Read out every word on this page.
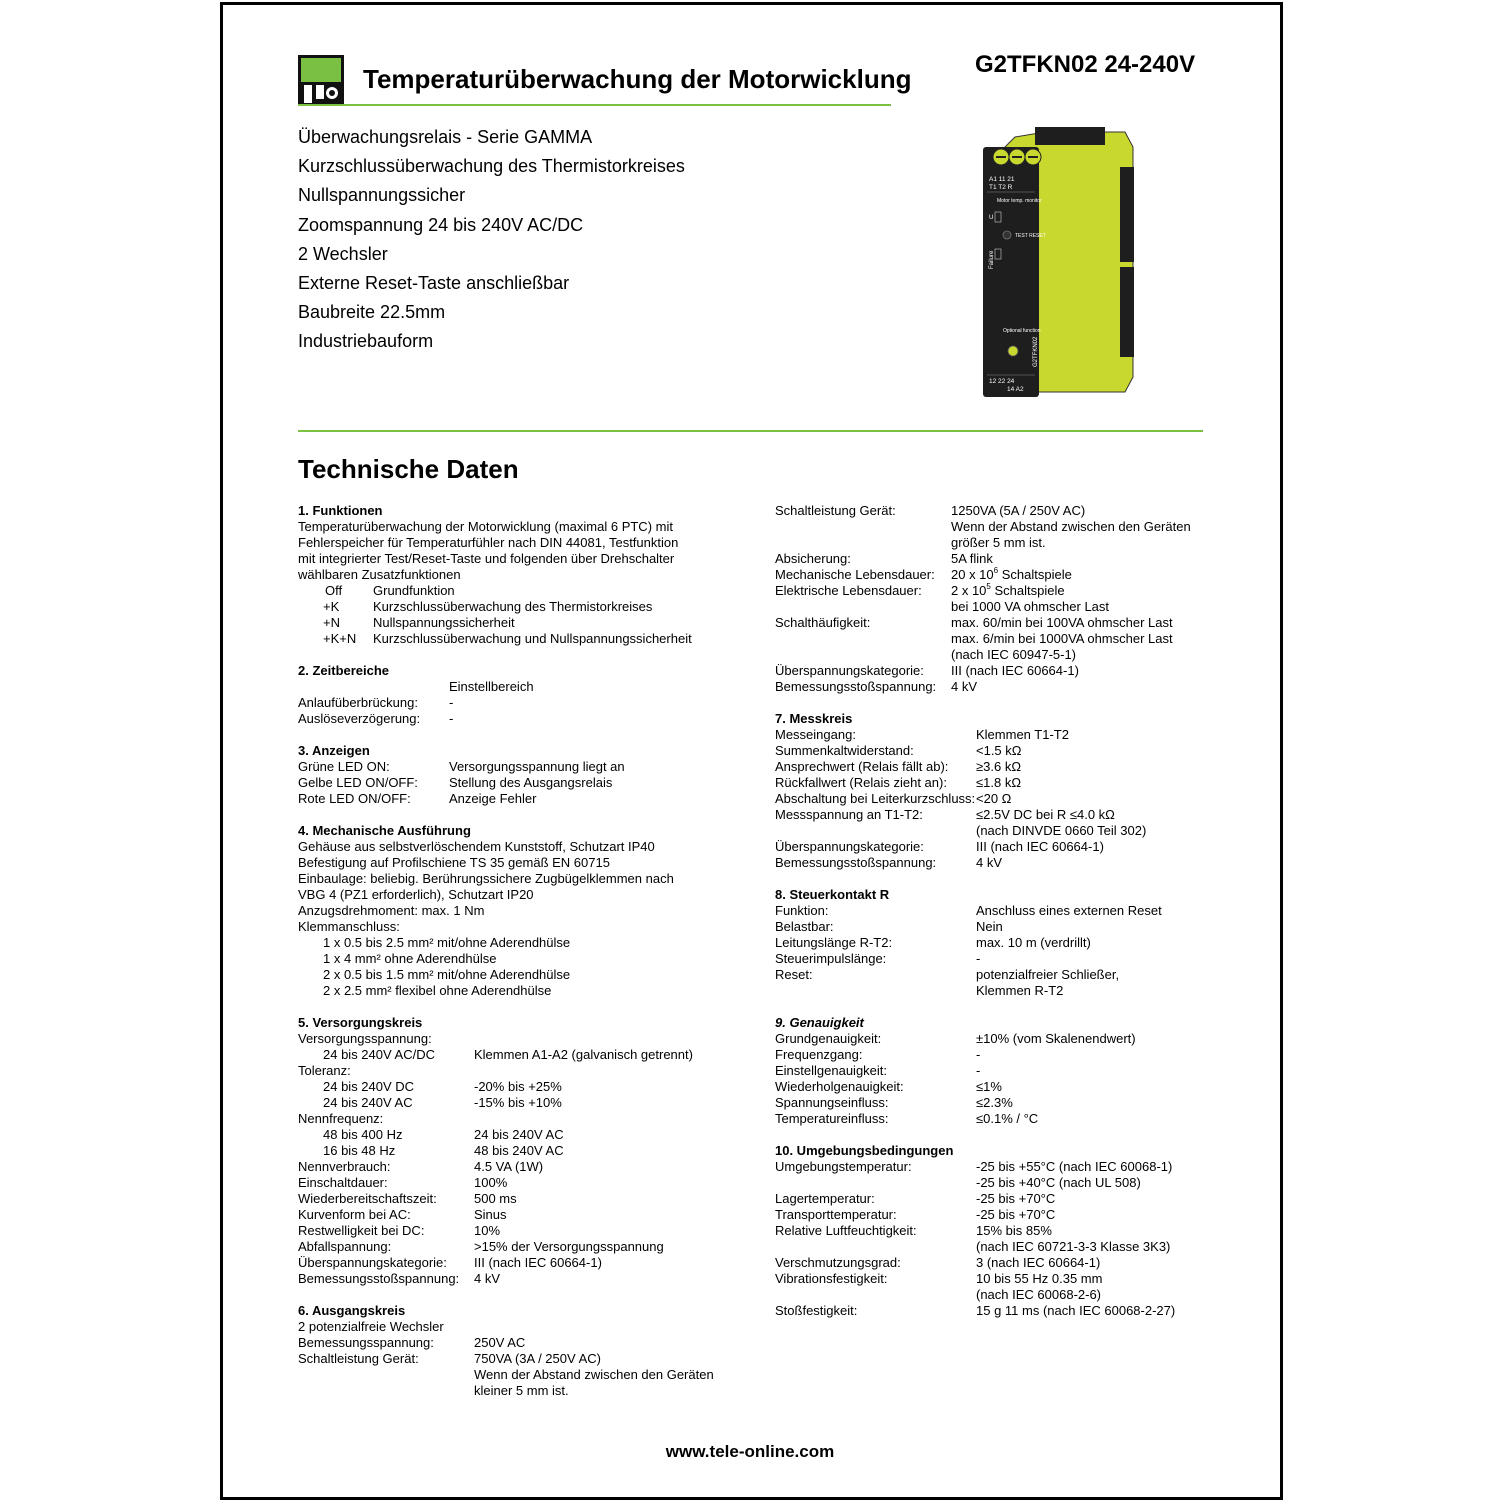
Temperaturüberwachung der Motorwicklung	G2TFKN02 24-240V
Überwachungsrelais - Serie GAMMA
Kurzschlussüberwachung des Thermistorkreises
Nullspannungssicher
Zoomspannung 24 bis 240V AC/DC
2 Wechsler
Externe Reset-Taste anschließbar
Baubreite 22.5mm
Industriebauform
A1 11 21
T1 T2 R
Motor temp. monitor
U
TEST RESET
Failure
Optional function
G2TFKN02
12 22 24
14 A2
Technische Daten
1. Funktionen
Temperaturüberwachung der Motorwicklung (maximal 6 PTC) mit
Fehlerspeicher für Temperaturfühler nach DIN 44081, Testfunktion
mit integrierter Test/Reset-Taste und folgenden über Drehschalter
wählbaren Zusatzfunktionen
Off Grundfunktion
+K	Kurzschlussüberwachung des Thermistorkreises
+N	Nullspannungssicherheit
+K+N Kurzschlussüberwachung und Nullspannungssicherheit
2. Zeitbereiche
Einstellbereich
Anlaufüberbrückung: -
Auslöseverzögerung: -
3. Anzeigen
Grüne LED ON:	Versorgungsspannung liegt an
Gelbe LED ON/OFF: Stellung des Ausgangsrelais
Rote LED ON/OFF:	Anzeige Fehler
4. Mechanische Ausführung
Gehäuse aus selbstverlöschendem Kunststoff, Schutzart IP40
Befestigung auf Profilschiene TS 35 gemäß EN 60715
Einbaulage: beliebig. Berührungssichere Zugbügelklemmen nach
VBG 4 (PZ1 erforderlich), Schutzart IP20
Anzugsdrehmoment: max. 1 Nm
Klemmanschluss:
1 x 0.5 bis 2.5 mm² mit/ohne Aderendhülse
1 x 4 mm² ohne Aderendhülse
2 x 0.5 bis 1.5 mm² mit/ohne Aderendhülse
2 x 2.5 mm² flexibel ohne Aderendhülse
5. Versorgungskreis
Versorgungsspannung:
24 bis 240V AC/DC	Klemmen A1-A2 (galvanisch getrennt)
Toleranz:
24 bis 240V DC	-20% bis +25%
24 bis 240V AC	-15% bis +10%
Nennfrequenz:
48 bis 400 Hz	24 bis 240V AC
16 bis 48 Hz	48 bis 240V AC
Nennverbrauch:	4.5 VA (1W)
Einschaltdauer:	100%
Wiederbereitschaftszeit:	500 ms
Kurvenform bei AC:	Sinus
Restwelligkeit bei DC:	10%
Abfallspannung:	>15% der Versorgungsspannung
Überspannungskategorie: III (nach IEC 60664-1)
Bemessungsstoßspannung: 4 kV
6. Ausgangskreis
2 potenzialfreie Wechsler
Bemessungsspannung:	250V AC
Schaltleistung Gerät:	750VA (3A / 250V AC)
Wenn der Abstand zwischen den Geräten
kleiner 5 mm ist.
Schaltleistung Gerät:	1250VA (5A / 250V AC)
Wenn der Abstand zwischen den Geräten
größer 5 mm ist.
Absicherung:	5A flink
Mechanische Lebensdauer: 20 x $10^6$ Schaltspiele
Elektrische Lebensdauer: 2 x $10^5$ Schaltspiele
bei 1000 VA ohmscher Last
Schalthäufigkeit:	max. 60/min bei 100VA ohmscher Last
max. 6/min bei 1000VA ohmscher Last
(nach IEC 60947-5-1)
Überspannungskategorie: III (nach IEC 60664-1)
Bemessungsstoßspannung: 4 kV
7. Messkreis
Messeingang:	Klemmen T1-T2
Summenkaltwiderstand:	<1.5 kΩ
Ansprechwert (Relais fällt ab): ≥3.6 kΩ
Rückfallwert (Relais zieht an): ≤1.8 kΩ
Abschaltung bei Leiterkurzschluss: <20 Ω
Messspannung an T1-T2:	≤2.5V DC bei R ≤4.0 kΩ
(nach DINVDE 0660 Teil 302)
Überspannungskategorie:	III (nach IEC 60664-1)
Bemessungsstoßspannung:	4 kV
8. Steuerkontakt R
Funktion:	Anschluss eines externen Reset
Belastbar:	Nein
Leitungslänge R-T2:	max. 10 m (verdrillt)
Steuerimpulslänge:	-
Reset:	potenzialfreier Schließer,
Klemmen R-T2
9. Genauigkeit
Grundgenauigkeit:	±10% (vom Skalenendwert)
Frequenzgang:	-
Einstellgenauigkeit:	-
Wiederholgenauigkeit:	≤1%
Spannungseinfluss:	≤2.3%
Temperatureinfluss:	≤0.1% / °C
10. Umgebungsbedingungen
Umgebungstemperatur:	-25 bis +55°C (nach IEC 60068-1)
-25 bis +40°C (nach UL 508)
Lagertemperatur:	-25 bis +70°C
Transporttemperatur:	-25 bis +70°C
Relative Luftfeuchtigkeit:	15% bis 85%
(nach IEC 60721-3-3 Klasse 3K3)
Verschmutzungsgrad:	3 (nach IEC 60664-1)
Vibrationsfestigkeit:	10 bis 55 Hz 0.35 mm
(nach IEC 60068-2-6)
Stoßfestigkeit:	15 g 11 ms (nach IEC 60068-2-27)
www.tele-online.com
